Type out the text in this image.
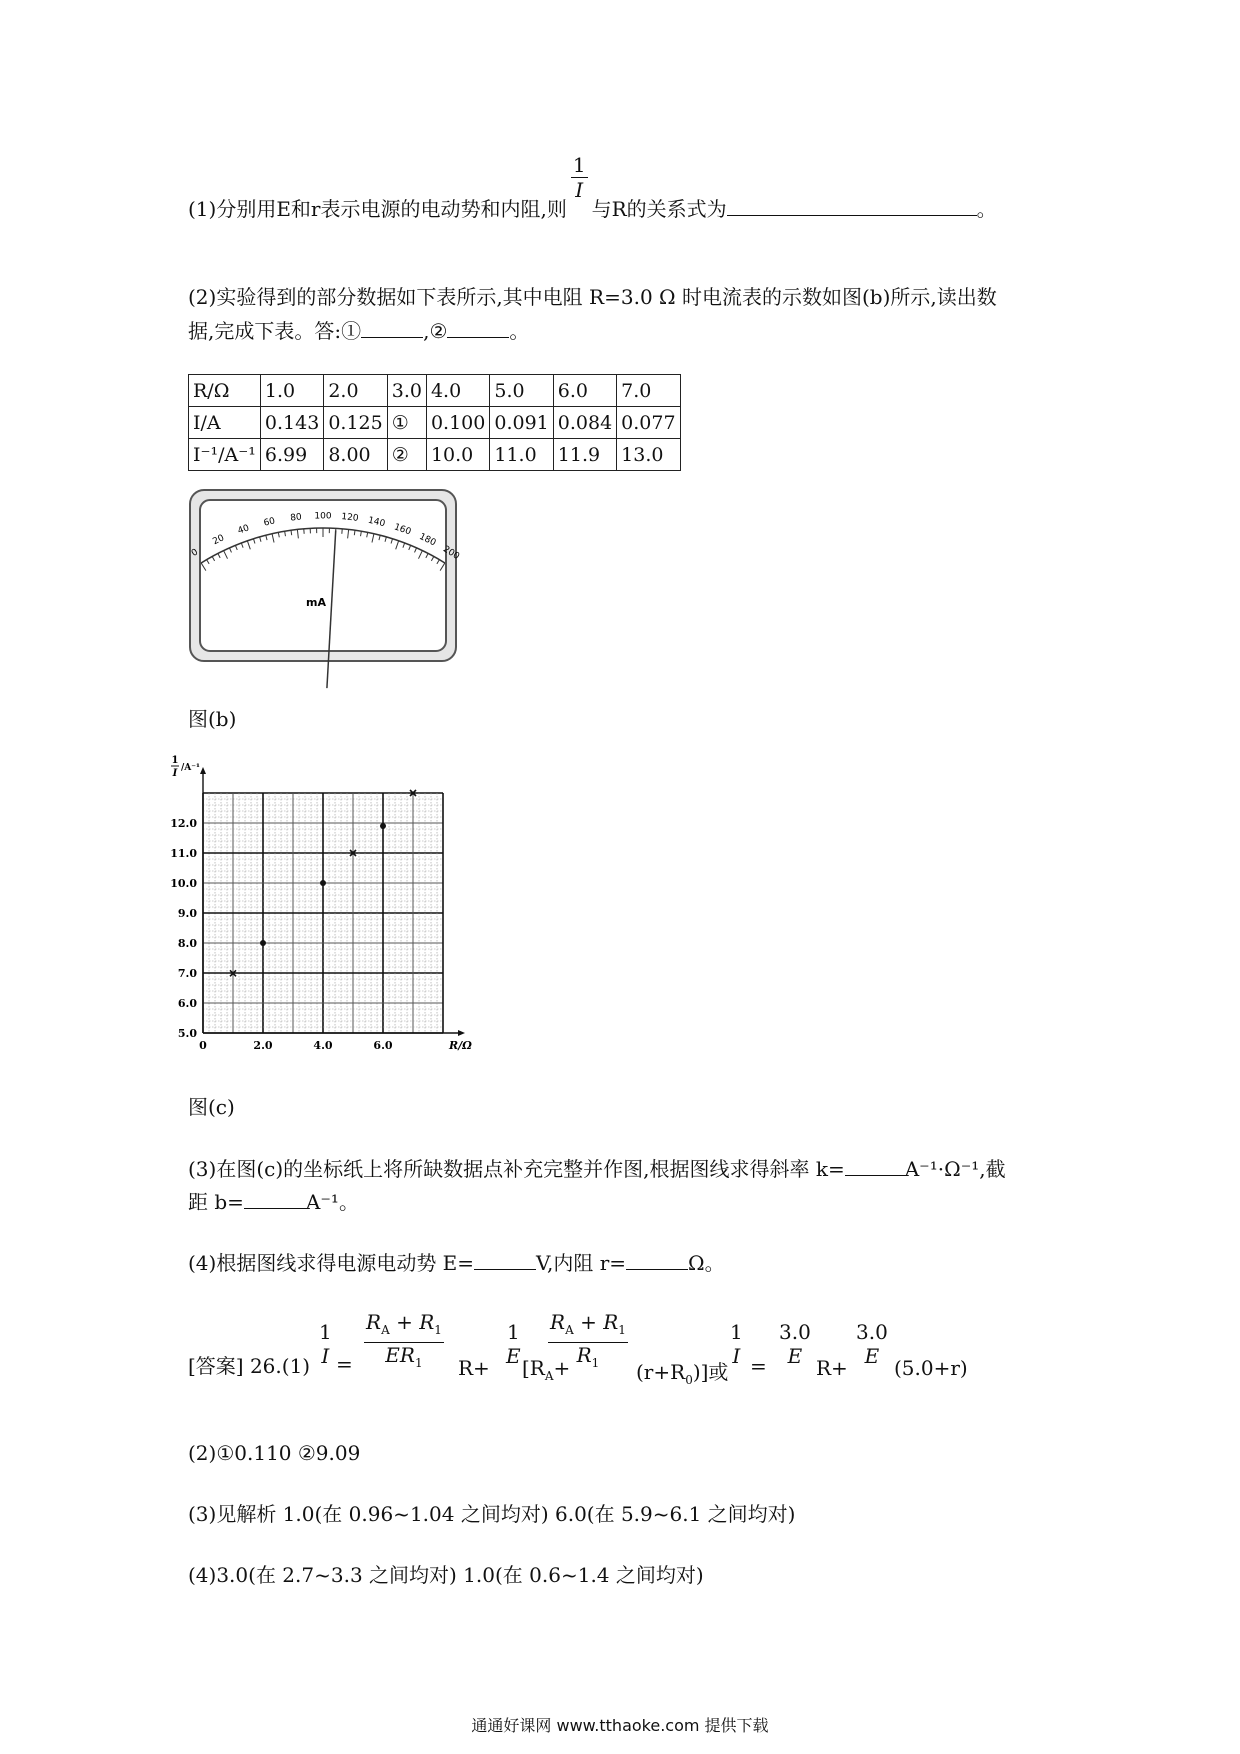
(1)分别用E和r表示电源的电动势和内阻,则
$\frac{1}{I}$
与R的关系式为	。
(2)实验得到的部分数据如下表所示,其中电阻 R=3.0 Ω 时电流表的示数如图(b)所示,读出数
据,完成下表。答:①	,②	。
R/Ω	1.0	2.0	3.0	4.0	5.0	6.0	7.0
I/A	0.143	0.125	①	0.100	0.091	0.084	0.077
I⁻¹/A⁻¹	6.99	8.00	②	10.0	11.0	11.9	13.0
0
20
40
60 80 100 120 140 160
180
200
mA
图(b)
0	2.0	4.0	6.0
5.0
6.0
7.0
8.0
9.0
10.0
11.0
12.0
R/Ω
1
I /A⁻¹
图(c)
(3)在图(c)的坐标纸上将所缺数据点补充完整并作图,根据图线求得斜率 k=	A⁻¹·Ω⁻¹,截
距 b=	A⁻¹。
(4)根据图线求得电源电动势 E=	V,内阻 r=	Ω。
[答案] 26.(1)
1
$I = \frac{R_A + R_1}{ER_1} R+$
1
E [$R_A+$
$\frac{R_A + R_1}{R_1} (r+R_0)$]或
1
I =
3.0
E R+
3.0
E (5.0+r)
(2)①0.110 ②9.09
(3)见解析 1.0(在 0.96~1.04 之间均对) 6.0(在 5.9~6.1 之间均对)
(4)3.0(在 2.7~3.3 之间均对) 1.0(在 0.6~1.4 之间均对)
通通好课网 www.tthaoke.com 提供下载
